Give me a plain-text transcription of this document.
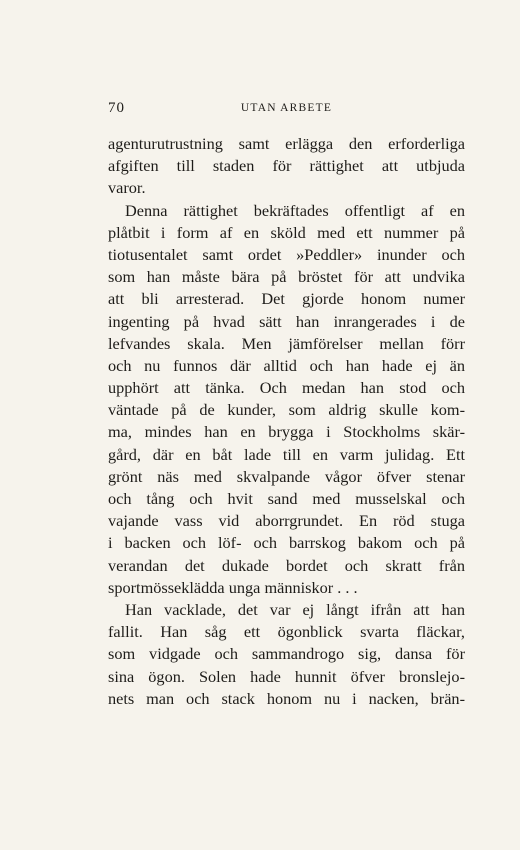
70	UTAN ARBETE
agenturutrustning samt erlägga den erforderliga
afgiften till staden för rättighet att utbjuda
varor.
Denna rättighet bekräftades offentligt af en
plåtbit i form af en sköld med ett nummer på
tiotusentalet samt ordet »Peddler» inunder och
som han måste bära på bröstet för att undvika
att bli arresterad. Det gjorde honom numer
ingenting på hvad sätt han inrangerades i de
lefvandes skala. Men jämförelser mellan förr
och nu funnos där alltid och han hade ej än
upphört att tänka. Och medan han stod och
väntade på de kunder, som aldrig skulle kom-
ma, mindes han en brygga i Stockholms skär-
gård, där en båt lade till en varm julidag. Ett
grönt näs med skvalpande vågor öfver stenar
och tång och hvit sand med musselskal och
vajande vass vid aborrgrundet. En röd stuga
i backen och löf- och barrskog bakom och på
verandan det dukade bordet och skratt från
sportmösseklädda unga människor . . .
Han vacklade, det var ej långt ifrån att han
fallit. Han såg ett ögonblick svarta fläckar,
som vidgade och sammandrogo sig, dansa för
sina ögon. Solen hade hunnit öfver bronslejo-
nets man och stack honom nu i nacken, brän-
